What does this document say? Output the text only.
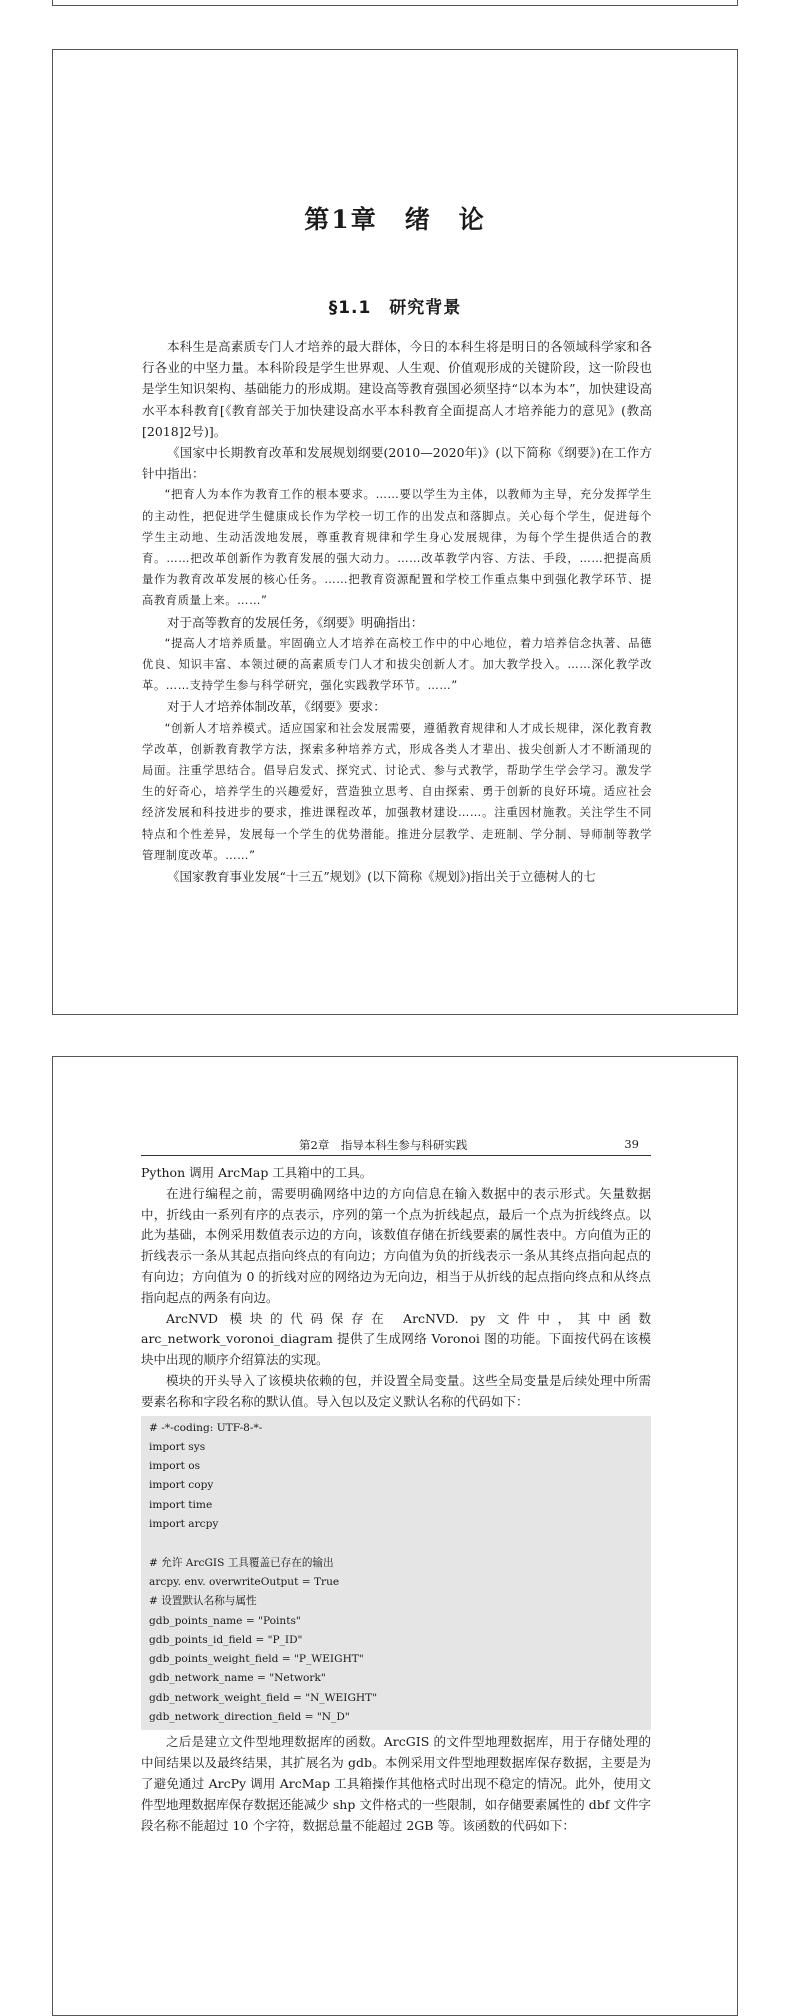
第1章　绪　论
§1.1　研究背景

本科生是高素质专门人才培养的最大群体，今日的本科生将是明日的各领域科学家和各行各业的中坚力量。本科阶段是学生世界观、人生观、价值观形成的关键阶段，这一阶段也是学生知识架构、基础能力的形成期。建设高等教育强国必须坚持“以本为本”，加快建设高水平本科教育[《教育部关于加快建设高水平本科教育全面提高人才培养能力的意见》(教高[2018]2号)]。

《国家中长期教育改革和发展规划纲要(2010—2020年)》(以下简称《纲要》)在工作方针中指出：

“把育人为本作为教育工作的根本要求。……要以学生为主体，以教师为主导，充分发挥学生的主动性，把促进学生健康成长作为学校一切工作的出发点和落脚点。关心每个学生，促进每个学生主动地、生动活泼地发展，尊重教育规律和学生身心发展规律，为每个学生提供适合的教育。……把改革创新作为教育发展的强大动力。……改革教学内容、方法、手段，……把提高质量作为教育改革发展的核心任务。……把教育资源配置和学校工作重点集中到强化教学环节、提高教育质量上来。……”

对于高等教育的发展任务，《纲要》明确指出：

“提高人才培养质量。牢固确立人才培养在高校工作中的中心地位，着力培养信念执著、品德优良、知识丰富、本领过硬的高素质专门人才和拔尖创新人才。加大教学投入。……深化教学改革。……支持学生参与科学研究，强化实践教学环节。……”

对于人才培养体制改革，《纲要》要求：

“创新人才培养模式。适应国家和社会发展需要，遵循教育规律和人才成长规律，深化教育教学改革，创新教育教学方法，探索多种培养方式，形成各类人才辈出、拔尖创新人才不断涌现的局面。注重学思结合。倡导启发式、探究式、讨论式、参与式教学，帮助学生学会学习。激发学生的好奇心，培养学生的兴趣爱好，营造独立思考、自由探索、勇于创新的良好环境。适应社会经济发展和科技进步的要求，推进课程改革，加强教材建设……。注重因材施教。关注学生不同特点和个性差异，发展每一个学生的优势潜能。推进分层教学、走班制、学分制、导师制等教学管理制度改革。……”

《国家教育事业发展“十三五”规划》(以下简称《规划》)指出关于立德树人的七

第2章　指导本科生参与科研实践	39

Python 调用 ArcMap 工具箱中的工具。

在进行编程之前，需要明确网络中边的方向信息在输入数据中的表示形式。矢量数据中，折线由一系列有序的点表示，序列的第一个点为折线起点，最后一个点为折线终点。以此为基础，本例采用数值表示边的方向，该数值存储在折线要素的属性表中。方向值为正的折线表示一条从其起点指向终点的有向边；方向值为负的折线表示一条从其终点指向起点的有向边；方向值为 0 的折线对应的网络边为无向边，相当于从折线的起点指向终点和从终点指向起点的两条有向边。

ArcNVD 模块的代码保存在 ArcNVD. py 文件中，其中函数 arc_network_voronoi_diagram 提供了生成网络 Voronoi 图的功能。下面按代码在该模块中出现的顺序介绍算法的实现。

模块的开头导入了该模块依赖的包，并设置全局变量。这些全局变量是后续处理中所需要素名称和字段名称的默认值。导入包以及定义默认名称的代码如下：

# -*-coding: UTF-8-*-
import sys
import os
import copy
import time
import arcpy
# 允许 ArcGIS 工具覆盖已存在的输出
arcpy. env. overwriteOutput = True
# 设置默认名称与属性
gdb_points_name = "Points"
gdb_points_id_field = "P_ID"
gdb_points_weight_field = "P_WEIGHT"
gdb_network_name = "Network"
gdb_network_weight_field = "N_WEIGHT"
gdb_network_direction_field = "N_D"

之后是建立文件型地理数据库的函数。ArcGIS 的文件型地理数据库，用于存储处理的中间结果以及最终结果，其扩展名为 gdb。本例采用文件型地理数据库保存数据，主要是为了避免通过 ArcPy 调用 ArcMap 工具箱操作其他格式时出现不稳定的情况。此外，使用文件型地理数据库保存数据还能减少 shp 文件格式的一些限制，如存储要素属性的 dbf 文件字段名称不能超过 10 个字符，数据总量不能超过 2GB 等。该函数的代码如下：
